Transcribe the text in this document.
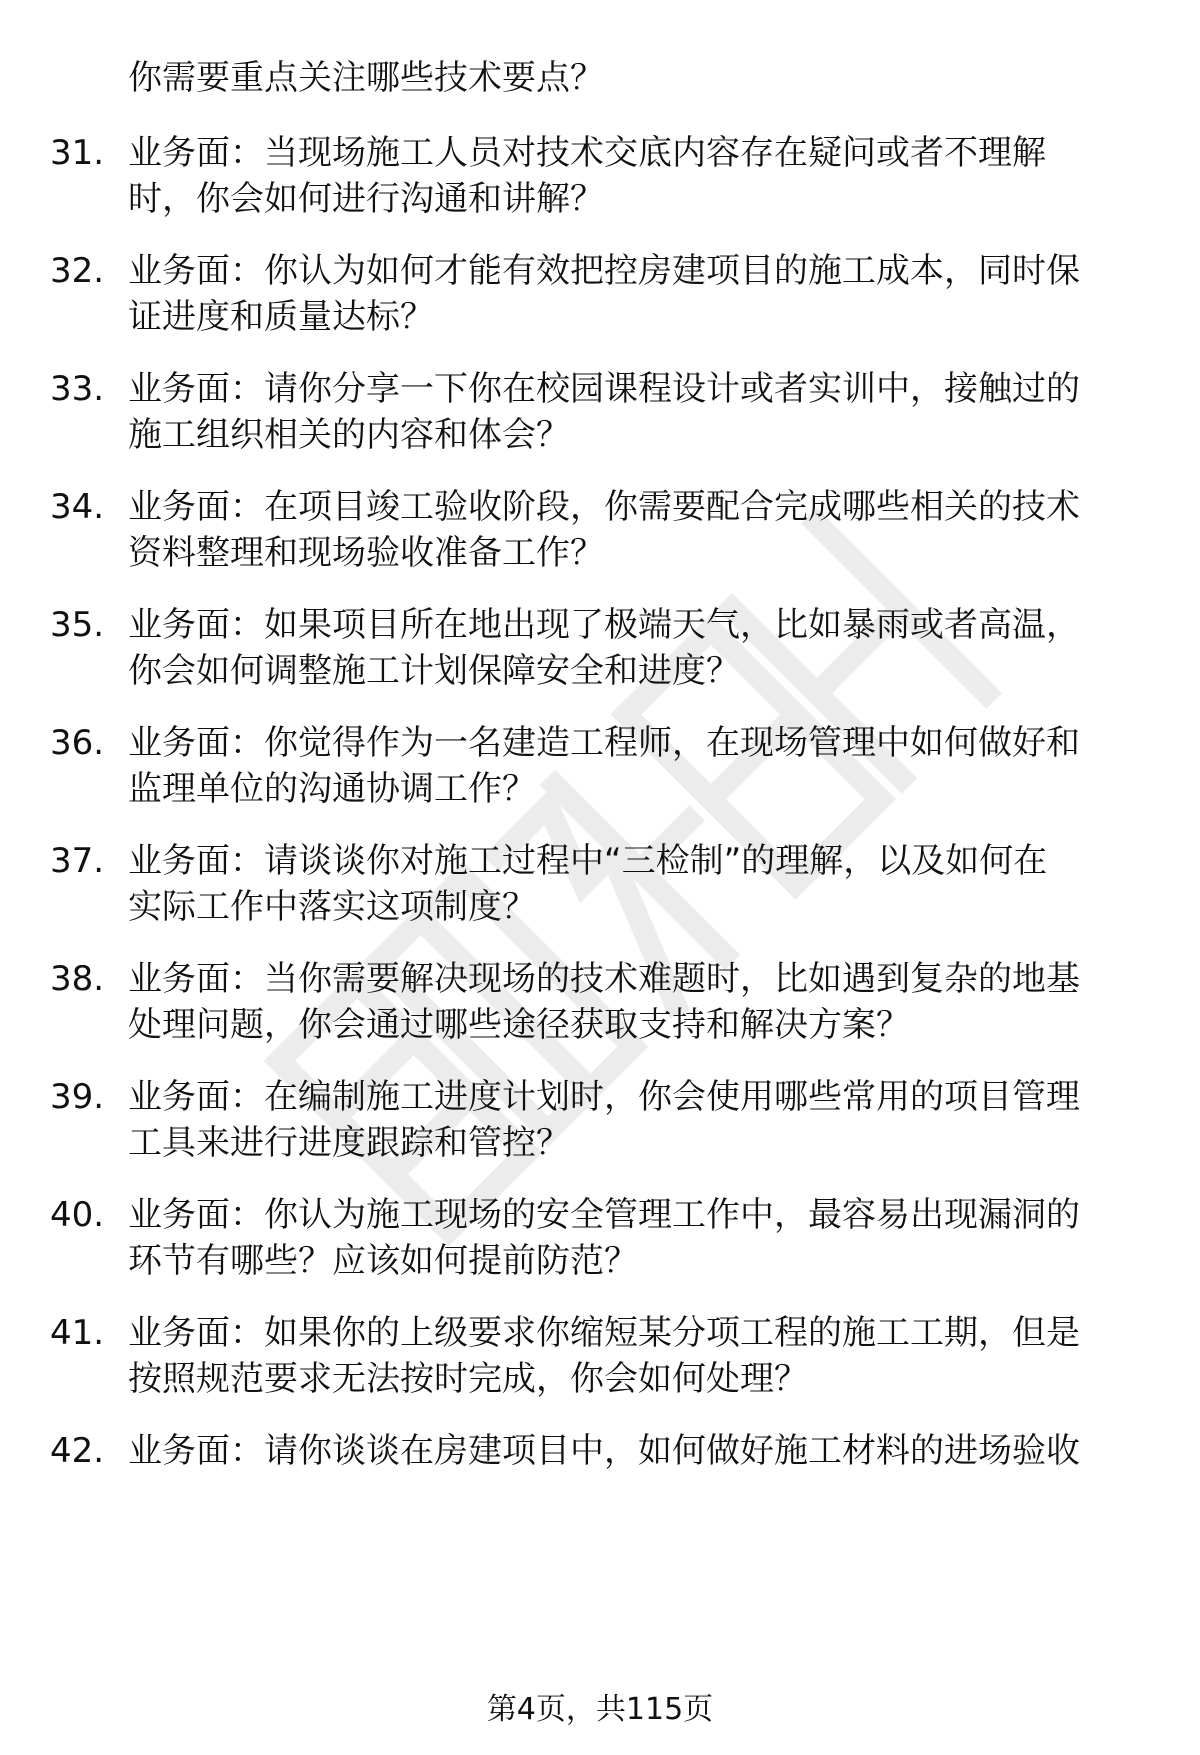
你需要重点关注哪些技术要点？
31. 业务面：当现场施工人员对技术交底内容存在疑问或者不理解
时，你会如何进行沟通和讲解？
32. 业务面：你认为如何才能有效把控房建项目的施工成本，同时保
证进度和质量达标？
33. 业务面：请你分享一下你在校园课程设计或者实训中，接触过的
施工组织相关的内容和体会？
34. 业务面：在项目竣工验收阶段，你需要配合完成哪些相关的技术
资料整理和现场验收准备工作？
35. 业务面：如果项目所在地出现了极端天气，比如暴雨或者高温，
你会如何调整施工计划保障安全和进度？
36. 业务面：你觉得作为一名建造工程师，在现场管理中如何做好和
监理单位的沟通协调工作？
37. 业务面：请谈谈你对施工过程中“三检制”的理解，以及如何在
实际工作中落实这项制度？
38. 业务面：当你需要解决现场的技术难题时，比如遇到复杂的地基
处理问题，你会通过哪些途径获取支持和解决方案？
39. 业务面：在编制施工进度计划时，你会使用哪些常用的项目管理
工具来进行进度跟踪和管控？
40. 业务面：你认为施工现场的安全管理工作中，最容易出现漏洞的
环节有哪些？应该如何提前防范？
41. 业务面：如果你的上级要求你缩短某分项工程的施工工期，但是
按照规范要求无法按时完成，你会如何处理？
42. 业务面：请你谈谈在房建项目中，如何做好施工材料的进场验收
第4页，共115页
